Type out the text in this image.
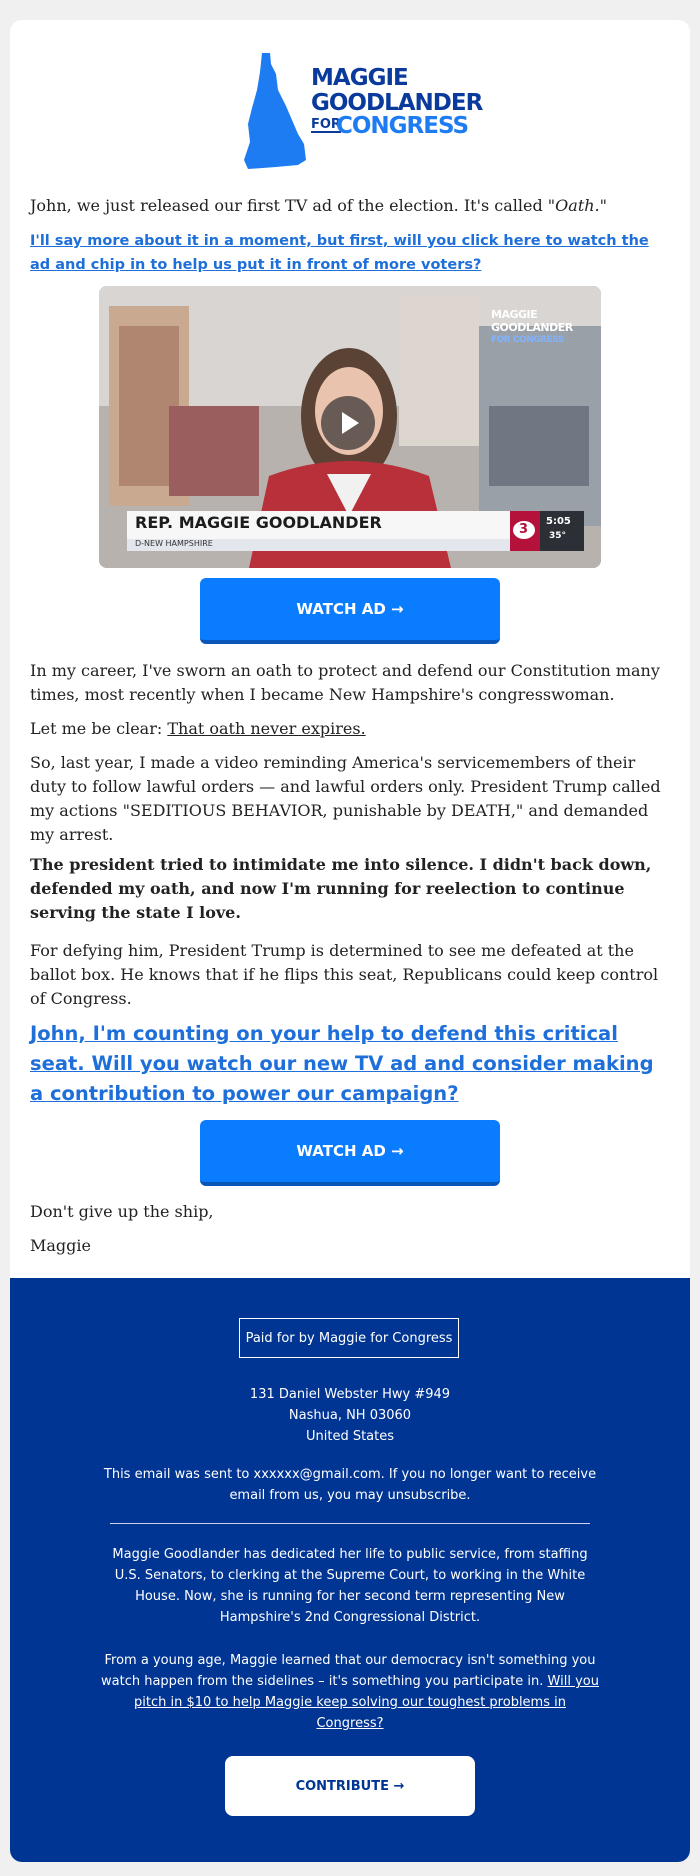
MAGGIE
GOODLANDER
FOR
CONGRESS
John, we just released our first TV ad of the election. It's called "Oath."
I'll say more about it in a moment, but first, will you click here to watch the ad and chip in to help us put it in front of more voters?
MAGGIE
GOODLANDER
FOR CONGRESS
REP. MAGGIE GOODLANDER
D-NEW HAMPSHIRE
3
5:05
35°
WATCH AD →
In my career, I've sworn an oath to protect and defend our Constitution many times, most recently when I became New Hampshire's congresswoman.
Let me be clear: That oath never expires.
So, last year, I made a video reminding America's servicemembers of their duty to follow lawful orders — and lawful orders only. President Trump called my actions "SEDITIOUS BEHAVIOR, punishable by DEATH," and demanded my arrest.
The president tried to intimidate me into silence. I didn't back down, defended my oath, and now I'm running for reelection to continue serving the state I love.
For defying him, President Trump is determined to see me defeated at the ballot box. He knows that if he flips this seat, Republicans could keep control of Congress.
John, I'm counting on your help to defend this critical seat. Will you watch our new TV ad and consider making a contribution to power our campaign?
WATCH AD →
Don't give up the ship,
Maggie
Paid for by Maggie for Congress
131 Daniel Webster Hwy #949
Nashua, NH 03060
United States
This email was sent to xxxxxx@gmail.com. If you no longer want to receive email from us, you may unsubscribe.
Maggie Goodlander has dedicated her life to public service, from staffing U.S. Senators, to clerking at the Supreme Court, to working in the White House. Now, she is running for her second term representing New Hampshire's 2nd Congressional District.
From a young age, Maggie learned that our democracy isn't something you watch happen from the sidelines – it's something you participate in. Will you pitch in $10 to help Maggie keep solving our toughest problems in Congress?
CONTRIBUTE →
